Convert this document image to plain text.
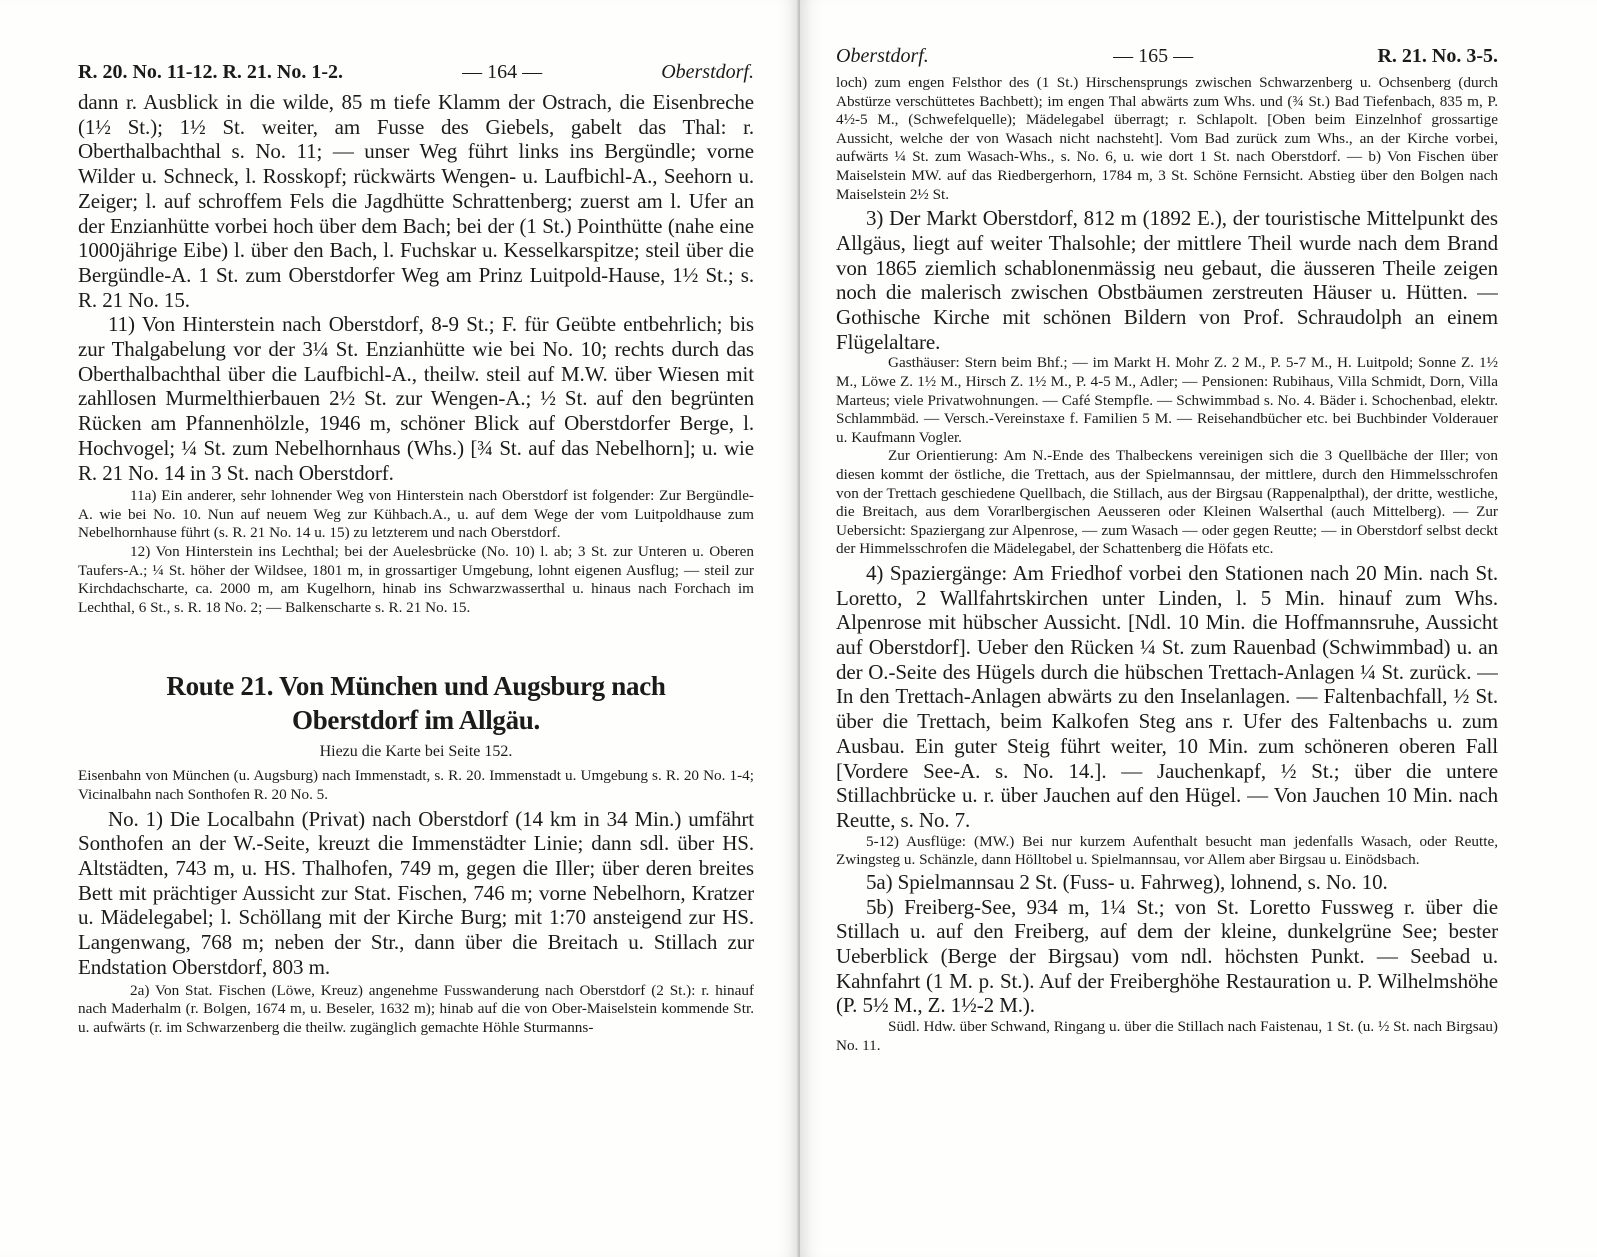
R. 20. No. 11-12. R. 21. No. 1-2.	— 164 —	Oberstdorf.

dann r. Ausblick in die wilde, 85 m tiefe Klamm der Ostrach, die Eisenbreche (1½ St.); 1½ St. weiter, am Fusse des Giebels, gabelt das Thal: r. Oberthalbachthal s. No. 11; — unser Weg führt links ins Bergündle; vorne Wilder u. Schneck, l. Rosskopf; rückwärts Wengen- u. Laufbichl-A., Seehorn u. Zeiger; l. auf schroffem Fels die Jagdhütte Schrattenberg; zuerst am l. Ufer an der Enzianhütte vorbei hoch über dem Bach; bei der (1 St.) Pointhütte (nahe eine 1000jährige Eibe) l. über den Bach, l. Fuchskar u. Kesselkarspitze; steil über die Bergündle-A. 1 St. zum Oberstdorfer Weg am Prinz Luitpold-Hause, 1½ St.; s. R. 21 No. 15.

11) Von Hinterstein nach Oberstdorf, 8-9 St.; F. für Geübte entbehrlich; bis zur Thalgabelung vor der 3¼ St. Enzianhütte wie bei No. 10; rechts durch das Oberthalbachthal über die Laufbichl-A., theilw. steil auf M.W. über Wiesen mit zahllosen Murmelthierbauen 2½ St. zur Wengen-A.; ½ St. auf den begrünten Rücken am Pfannenhölzle, 1946 m, schöner Blick auf Oberstdorfer Berge, l. Hochvogel; ¼ St. zum Nebelhornhaus (Whs.) [¾ St. auf das Nebelhorn]; u. wie R. 21 No. 14 in 3 St. nach Oberstdorf.

11a) Ein anderer, sehr lohnender Weg von Hinterstein nach Oberstdorf ist folgender: Zur Bergündle-A. wie bei No. 10. Nun auf neuem Weg zur Kühbach.A., u. auf dem Wege der vom Luitpoldhause zum Nebelhornhause führt (s. R. 21 No. 14 u. 15) zu letzterem und nach Oberstdorf.

12) Von Hinterstein ins Lechthal; bei der Auelesbrücke (No. 10) l. ab; 3 St. zur Unteren u. Oberen Taufers-A.; ¼ St. höher der Wildsee, 1801 m, in grossartiger Umgebung, lohnt eigenen Ausflug; — steil zur Kirchdachscharte, ca. 2000 m, am Kugelhorn, hinab ins Schwarzwasserthal u. hinaus nach Forchach im Lechthal, 6 St., s. R. 18 No. 2; — Balkenscharte s. R. 21 No. 15.

Route 21. Von München und Augsburg nach
Oberstdorf im Allgäu.
Hiezu die Karte bei Seite 152.

Eisenbahn von München (u. Augsburg) nach Immenstadt, s. R. 20. Immenstadt u. Umgebung s. R. 20 No. 1-4; Vicinalbahn nach Sonthofen R. 20 No. 5.

No. 1) Die Localbahn (Privat) nach Oberstdorf (14 km in 34 Min.) umfährt Sonthofen an der W.-Seite, kreuzt die Immenstädter Linie; dann sdl. über HS. Altstädten, 743 m, u. HS. Thalhofen, 749 m, gegen die Iller; über deren breites Bett mit prächtiger Aussicht zur Stat. Fischen, 746 m; vorne Nebelhorn, Kratzer u. Mädelegabel; l. Schöllang mit der Kirche Burg; mit 1:70 ansteigend zur HS. Langenwang, 768 m; neben der Str., dann über die Breitach u. Stillach zur Endstation Oberstdorf, 803 m.

2a) Von Stat. Fischen (Löwe, Kreuz) angenehme Fusswanderung nach Oberstdorf (2 St.): r. hinauf nach Maderhalm (r. Bolgen, 1674 m, u. Beseler, 1632 m); hinab auf die von Ober-Maiselstein kommende Str. u. aufwärts (r. im Schwarzenberg die theilw. zugänglich gemachte Höhle Sturmanns-

Oberstdorf.	— 165 —	R. 21. No. 3-5.

loch) zum engen Felsthor des (1 St.) Hirschensprungs zwischen Schwarzenberg u. Ochsenberg (durch Abstürze verschüttetes Bachbett); im engen Thal abwärts zum Whs. und (¾ St.) Bad Tiefenbach, 835 m, P. 4½-5 M., (Schwefelquelle); Mädelegabel überragt; r. Schlapolt. [Oben beim Einzelnhof grossartige Aussicht, welche der von Wasach nicht nachsteht]. Vom Bad zurück zum Whs., an der Kirche vorbei, aufwärts ¼ St. zum Wasach-Whs., s. No. 6, u. wie dort 1 St. nach Oberstdorf. — b) Von Fischen über Maiselstein MW. auf das Riedbergerhorn, 1784 m, 3 St. Schöne Fernsicht. Abstieg über den Bolgen nach Maiselstein 2½ St.

3) Der Markt Oberstdorf, 812 m (1892 E.), der touristische Mittelpunkt des Allgäus, liegt auf weiter Thalsohle; der mittlere Theil wurde nach dem Brand von 1865 ziemlich schablonenmässig neu gebaut, die äusseren Theile zeigen noch die malerisch zwischen Obstbäumen zerstreuten Häuser u. Hütten. — Gothische Kirche mit schönen Bildern von Prof. Schraudolph an einem Flügelaltare.

Gasthäuser: Stern beim Bhf.; — im Markt H. Mohr Z. 2 M., P. 5-7 M., H. Luitpold; Sonne Z. 1½ M., Löwe Z. 1½ M., Hirsch Z. 1½ M., P. 4-5 M., Adler; — Pensionen: Rubihaus, Villa Schmidt, Dorn, Villa Marteus; viele Privatwohnungen. — Café Stempfle. — Schwimmbad s. No. 4. Bäder i. Schochenbad, elektr. Schlammbäd. — Versch.-Vereinstaxe f. Familien 5 M. — Reisehandbücher etc. bei Buchbinder Volderauer u. Kaufmann Vogler.

Zur Orientierung: Am N.-Ende des Thalbeckens vereinigen sich die 3 Quellbäche der Iller; von diesen kommt der östliche, die Trettach, aus der Spielmannsau, der mittlere, durch den Himmelsschrofen von der Trettach geschiedene Quellbach, die Stillach, aus der Birgsau (Rappenalpthal), der dritte, westliche, die Breitach, aus dem Vorarlbergischen Aeusseren oder Kleinen Walserthal (auch Mittelberg). — Zur Uebersicht: Spaziergang zur Alpenrose, — zum Wasach — oder gegen Reutte; — in Oberstdorf selbst deckt der Himmelsschrofen die Mädelegabel, der Schattenberg die Höfats etc.

4) Spaziergänge: Am Friedhof vorbei den Stationen nach 20 Min. nach St. Loretto, 2 Wallfahrtskirchen unter Linden, l. 5 Min. hinauf zum Whs. Alpenrose mit hübscher Aussicht. [Ndl. 10 Min. die Hoffmannsruhe, Aussicht auf Oberstdorf]. Ueber den Rücken ¼ St. zum Rauenbad (Schwimmbad) u. an der O.-Seite des Hügels durch die hübschen Trettach-Anlagen ¼ St. zurück. — In den Trettach-Anlagen abwärts zu den Inselanlagen. — Faltenbachfall, ½ St. über die Trettach, beim Kalkofen Steg ans r. Ufer des Faltenbachs u. zum Ausbau. Ein guter Steig führt weiter, 10 Min. zum schöneren oberen Fall [Vordere See-A. s. No. 14.]. — Jauchenkapf, ½ St.; über die untere Stillachbrücke u. r. über Jauchen auf den Hügel. — Von Jauchen 10 Min. nach Reutte, s. No. 7.

5-12) Ausflüge: (MW.) Bei nur kurzem Aufenthalt besucht man jedenfalls Wasach, oder Reutte, Zwingsteg u. Schänzle, dann Hölltobel u. Spielmannsau, vor Allem aber Birgsau u. Einödsbach.

5a) Spielmannsau 2 St. (Fuss- u. Fahrweg), lohnend, s. No. 10.

5b) Freiberg-See, 934 m, 1¼ St.; von St. Loretto Fussweg r. über die Stillach u. auf den Freiberg, auf dem der kleine, dunkelgrüne See; bester Ueberblick (Berge der Birgsau) vom ndl. höchsten Punkt. — Seebad u. Kahnfahrt (1 M. p. St.). Auf der Freiberghöhe Restauration u. P. Wilhelmshöhe (P. 5½ M., Z. 1½-2 M.).

Südl. Hdw. über Schwand, Ringang u. über die Stillach nach Faistenau, 1 St. (u. ½ St. nach Birgsau) No. 11.
